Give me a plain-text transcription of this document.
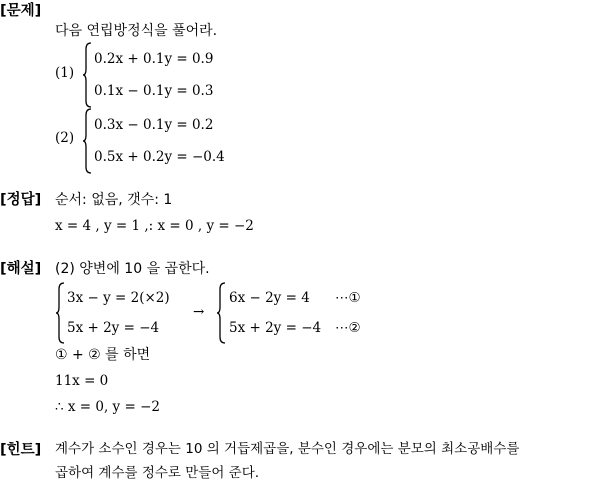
[문제]
[정답]
[해설]
[힌트]
다음 연립방정식을 풀어라.
(1)
0.2x + 0.1y = 0.9
0.1x − 0.1y = 0.3
(2)
0.3x − 0.1y = 0.2
0.5x + 0.2y = −0.4
순서: 없음, 갯수: 1
x = 4 , y = 1 ,: x = 0 , y = −2
(2) 양변에 10 을 곱한다.
3x − y = 2(×2)
5x + 2y = −4
→
6x − 2y = 4 ⋯①
5x + 2y = −4 ⋯②
① + ② 를 하면
11x = 0
∴ x = 0, y = −2
계수가 소수인 경우는 10 의 거듭제곱을, 분수인 경우에는 분모의 최소공배수를
곱하여 계수를 정수로 만들어 준다.
